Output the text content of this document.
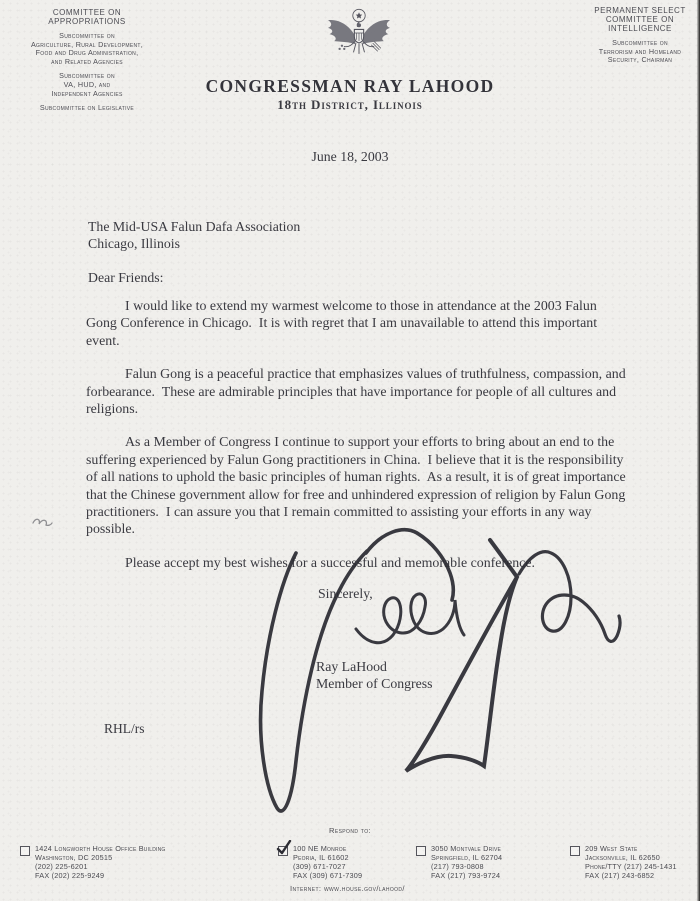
COMMITTEE ON
APPROPRIATIONS
Subcommittee on
Agriculture, Rural Development,
Food and Drug Administration,
and Related Agencies
Subcommittee on
VA, HUD, and
Independent Agencies
Subcommittee on Legislative
PERMANENT SELECT
COMMITTEE ON
INTELLIGENCE
Subcommittee on
Terrorism and Homeland
Security, Chairman
CONGRESSMAN RAY LAHOOD
18th District, Illinois
June 18, 2003
The Mid-USA Falun Dafa Association
Chicago, Illinois
Dear Friends:

I would like to extend my warmest welcome to those in attendance at the 2003 Falun Gong Conference in Chicago.  It is with regret that I am unavailable to attend this important event.

Falun Gong is a peaceful practice that emphasizes values of truthfulness, compassion, and forbearance.  These are admirable principles that have importance for people of all cultures and religions.

As a Member of Congress I continue to support your efforts to bring about an end to the suffering experienced by Falun Gong practitioners in China.  I believe that it is the responsibility of all nations to uphold the basic principles of human rights.  As a result, it is of great importance that the Chinese government allow for free and unhindered expression of religion by Falun Gong practitioners.  I can assure you that I remain committed to assisting your efforts in any way possible.

Please accept my best wishes for a successful and memorable conference.

Sincerely,
Ray LaHood
Member of Congress
RHL/rs
Respond to:
1424 Longworth House Office Building
Washington, DC 20515
(202) 225-6201
FAX (202) 225-9249
100 NE Monroe
Peoria, IL 61602
(309) 671-7027
FAX (309) 671-7309
3050 Montvale Drive
Springfield, IL 62704
(217) 793-0808
FAX (217) 793-9724
209 West State
Jacksonville, IL 62650
Phone/TTY (217) 245-1431
FAX (217) 243-6852
Internet: www.house.gov/lahood/
